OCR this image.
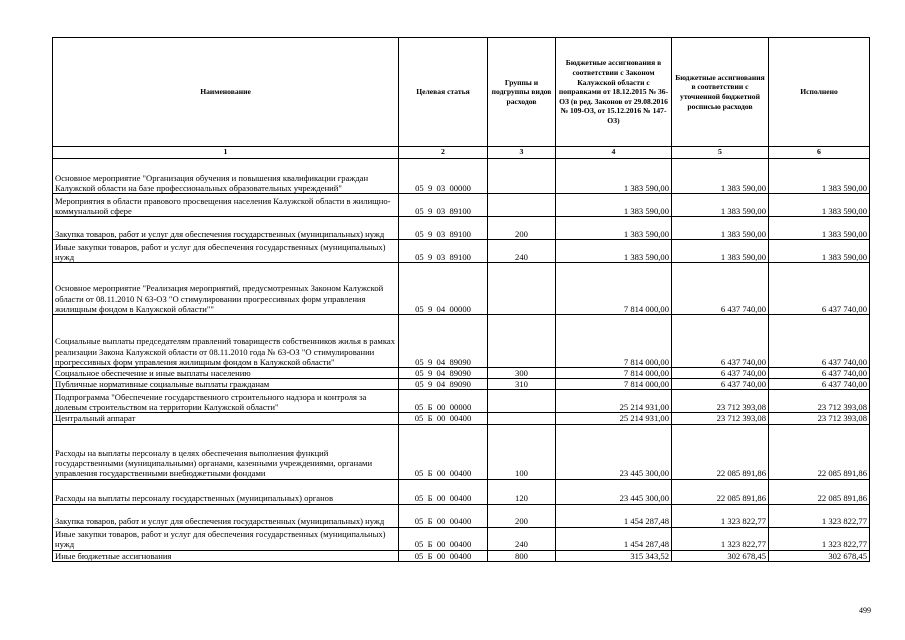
Наименование	Целевая статья	Группы и подгруппы видов расходов	Бюджетные ассигнования в соответствии с Законом Калужской области с поправками от 18.12.2015 № 36-ОЗ (в ред. Законов от 29.08.2016 № 109-ОЗ, от 15.12.2016 № 147-ОЗ)	Бюджетные ассигнования в соответствии с уточненной бюджетной росписью расходов	Исполнено
1	2	3	4	5	6
Основное мероприятие "Организация обучения и повышения квалификации граждан Калужской области на базе профессиональных образовательных учреждений"	05  9  03  00000		1 383 590,00	1 383 590,00	1 383 590,00
Мероприятия в области правового просвещения населения Калужской области в жилищно-коммунальной сфере	05  9  03  89100		1 383 590,00	1 383 590,00	1 383 590,00
Закупка товаров, работ и услуг для обеспечения государственных (муниципальных) нужд	05  9  03  89100	200	1 383 590,00	1 383 590,00	1 383 590,00
Иные закупки товаров, работ и услуг для обеспечения государственных (муниципальных) нужд	05  9  03  89100	240	1 383 590,00	1 383 590,00	1 383 590,00
Основное мероприятие "Реализация мероприятий, предусмотренных Законом Калужской области от 08.11.2010 N 63-ОЗ "О стимулировании прогрессивных форм управления жилищным фондом в Калужской области""	05  9  04  00000		7 814 000,00	6 437 740,00	6 437 740,00
Социальные выплаты председателям правлений товариществ собственников жилья в рамках реализации Закона Калужской области от 08.11.2010 года № 63-ОЗ "О стимулировании прогрессивных форм управления жилищным фондом в Калужской области"	05  9  04  89090		7 814 000,00	6 437 740,00	6 437 740,00
Социальное обеспечение и иные выплаты населению	05  9  04  89090	300	7 814 000,00	6 437 740,00	6 437 740,00
Публичные нормативные социальные выплаты гражданам	05  9  04  89090	310	7 814 000,00	6 437 740,00	6 437 740,00
Подпрограмма "Обеспечение государственного строительного надзора и контроля за долевым строительством на территории Калужской области"	05  Б  00  00000		25 214 931,00	23 712 393,08	23 712 393,08
Центральный аппарат	05  Б  00  00400		25 214 931,00	23 712 393,08	23 712 393,08
Расходы на выплаты персоналу в целях обеспечения выполнения функций государственными (муниципальными) органами, казенными учреждениями, органами управления государственными внебюджетными фондами	05  Б  00  00400	100	23 445 300,00	22 085 891,86	22 085 891,86
Расходы на выплаты персоналу государственных (муниципальных) органов	05  Б  00  00400	120	23 445 300,00	22 085 891,86	22 085 891,86
Закупка товаров, работ и услуг для обеспечения государственных (муниципальных) нужд	05  Б  00  00400	200	1 454 287,48	1 323 822,77	1 323 822,77
Иные закупки товаров, работ и услуг для обеспечения государственных (муниципальных) нужд	05  Б  00  00400	240	1 454 287,48	1 323 822,77	1 323 822,77
Иные бюджетные ассигнования	05  Б  00  00400	800	315 343,52	302 678,45	302 678,45
499
